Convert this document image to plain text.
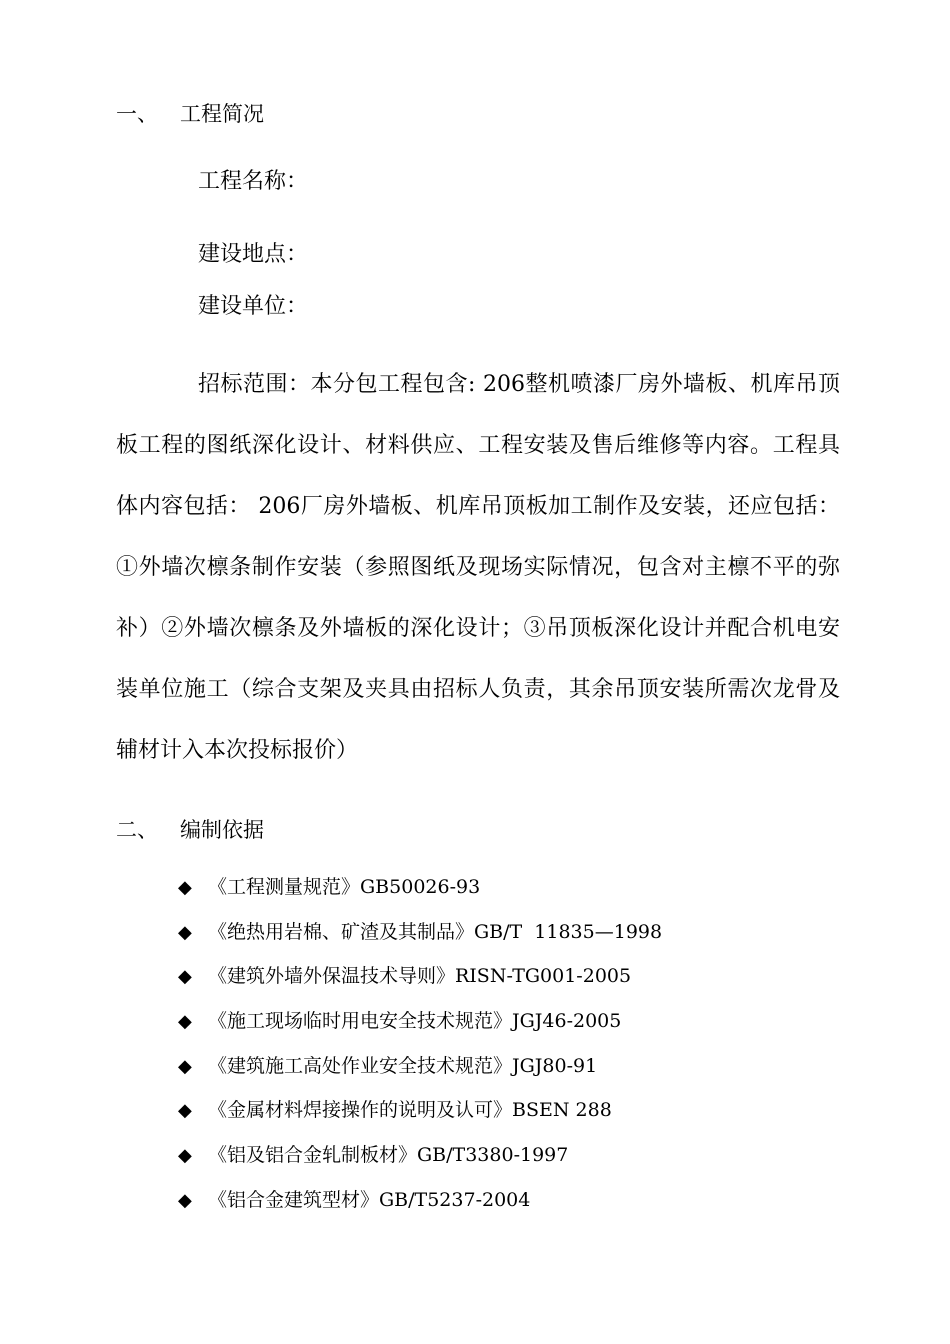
一、 工程简况
工程名称：
建设地点：
建设单位：
招标范围：本分包工程包含: 206整机喷漆厂房外墙板、机库吊顶板工程的图纸深化设计、材料供应、工程安装及售后维修等内容。工程具体内容包括： 206厂房外墙板、机库吊顶板加工制作及安装，还应包括：①外墙次檩条制作安装（参照图纸及现场实际情况，包含对主檩不平的弥补）②外墙次檩条及外墙板的深化设计；③吊顶板深化设计并配合机电安装单位施工（综合支架及夹具由招标人负责，其余吊顶安装所需次龙骨及辅材计入本次投标报价）
二、 编制依据
◆ 《工程测量规范》GB50026-93
◆ 《绝热用岩棉、矿渣及其制品》GB/T  11835—1998
◆ 《建筑外墙外保温技术导则》RISN-TG001-2005
◆ 《施工现场临时用电安全技术规范》JGJ46-2005
◆ 《建筑施工高处作业安全技术规范》JGJ80-91
◆ 《金属材料焊接操作的说明及认可》BSEN 288
◆ 《铝及铝合金轧制板材》GB/T3380-1997
◆ 《铝合金建筑型材》GB/T5237-2004
